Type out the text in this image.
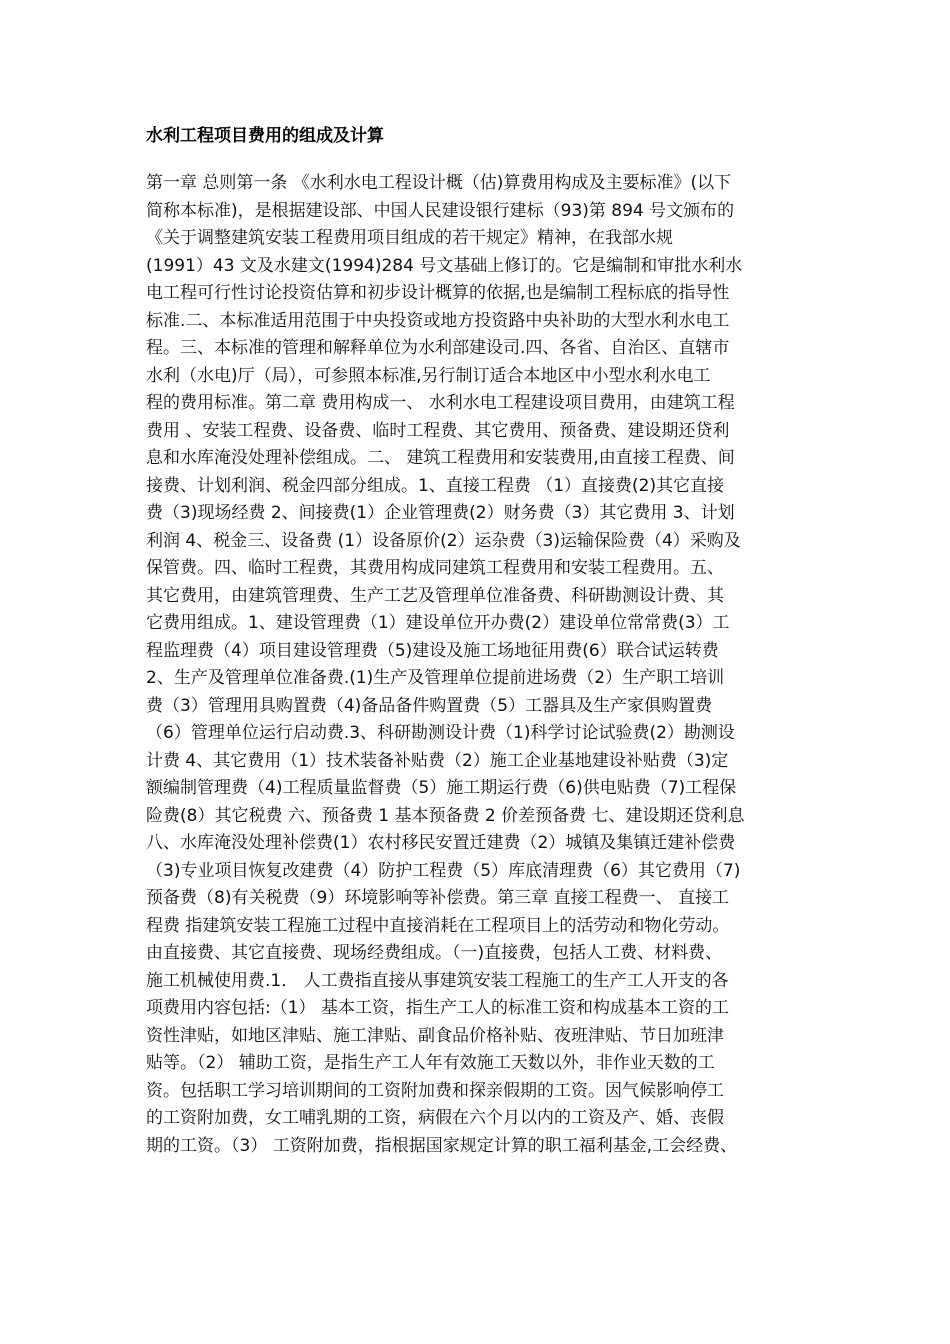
水利工程项目费用的组成及计算
第一章 总则第一条 《水利水电工程设计概（估)算费用构成及主要标准》(以下
简称本标准)，是根据建设部、中国人民建设银行建标（93)第 894 号文颁布的
《关于调整建筑安装工程费用项目组成的若干规定》精神，在我部水规
(1991）43 文及水建文(1994)284 号文基础上修订的。它是编制和审批水利水
电工程可行性讨论投资估算和初步设计概算的依据,也是编制工程标底的指导性
标准.二、本标准适用范围于中央投资或地方投资路中央补助的大型水利水电工
程。三、本标准的管理和解释单位为水利部建设司.四、各省、自治区、直辖市
水利（水电)厅（局），可参照本标准,另行制订适合本地区中小型水利水电工
程的费用标准。第二章 费用构成一、 水利水电工程建设项目费用，由建筑工程
费用 、安装工程费、设备费、临时工程费、其它费用、预备费、建设期还贷利
息和水库淹没处理补偿组成。二、 建筑工程费用和安装费用,由直接工程费、间
接费、计划利润、税金四部分组成。1、直接工程费 （1）直接费(2)其它直接
费（3)现场经费 2、间接费(1）企业管理费(2）财务费（3）其它费用 3、计划
利润 4、税金三、设备费 (1）设备原价(2）运杂费（3)运输保险费（4）采购及
保管费。四、临时工程费，其费用构成同建筑工程费用和安装工程费用。五、
其它费用，由建筑管理费、生产工艺及管理单位准备费、科研勘测设计费、其
它费用组成。1、建设管理费（1）建设单位开办费(2）建设单位常常费(3）工
程监理费（4）项目建设管理费（5)建设及施工场地征用费(6）联合试运转费
2、生产及管理单位准备费.(1)生产及管理单位提前进场费（2）生产职工培训
费（3）管理用具购置费（4)备品备件购置费（5）工器具及生产家俱购置费
（6）管理单位运行启动费.3、科研勘测设计费（1)科学讨论试验费(2）勘测设
计费 4、其它费用（1）技术装备补贴费（2）施工企业基地建设补贴费（3)定
额编制管理费（4)工程质量监督费（5）施工期运行费（6)供电贴费（7)工程保
险费(8）其它税费 六、预备费 1 基本预备费 2 价差预备费 七、建设期还贷利息
八、水库淹没处理补偿费(1）农村移民安置迁建费（2）城镇及集镇迁建补偿费
（3)专业项目恢复改建费（4）防护工程费（5）库底清理费（6）其它费用（7)
预备费（8)有关税费（9）环境影响等补偿费。第三章 直接工程费一、 直接工
程费 指建筑安装工程施工过程中直接消耗在工程项目上的活劳动和物化劳动。
由直接费、其它直接费、现场经费组成。（一)直接费，包括人工费、材料费、
施工机械使用费.1． 人工费指直接从事建筑安装工程施工的生产工人开支的各
项费用内容包括:（1） 基本工资，指生产工人的标准工资和构成基本工资的工
资性津贴，如地区津贴、施工津贴、副食品价格补贴、夜班津贴、节日加班津
贴等。（2） 辅助工资，是指生产工人年有效施工天数以外，非作业天数的工
资。包括职工学习培训期间的工资附加费和探亲假期的工资。因气候影响停工
的工资附加费，女工哺乳期的工资，病假在六个月以内的工资及产、婚、丧假
期的工资。（3） 工资附加费，指根据国家规定计算的职工福利基金,工会经费、
